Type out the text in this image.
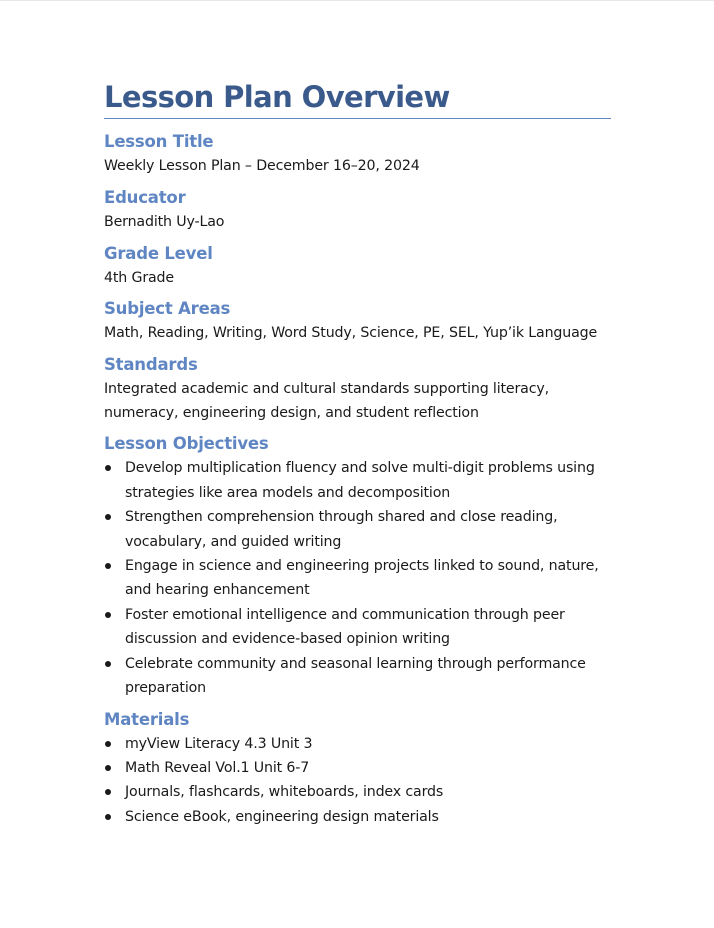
Lesson Plan Overview
Lesson Title

Weekly Lesson Plan – December 16–20, 2024

Educator

Bernadith Uy-Lao

Grade Level

4th Grade

Subject Areas

Math, Reading, Writing, Word Study, Science, PE, SEL, Yup’ik Language

Standards

Integrated academic and cultural standards supporting literacy, numeracy, engineering design, and student reflection

Lesson Objectives
Develop multiplication fluency and solve multi-digit problems using strategies like area models and decomposition
Strengthen comprehension through shared and close reading, vocabulary, and guided writing
Engage in science and engineering projects linked to sound, nature, and hearing enhancement
Foster emotional intelligence and communication through peer discussion and evidence-based opinion writing
Celebrate community and seasonal learning through performance preparation
Materials
myView Literacy 4.3 Unit 3
Math Reveal Vol.1 Unit 6-7
Journals, flashcards, whiteboards, index cards
Science eBook, engineering design materials
